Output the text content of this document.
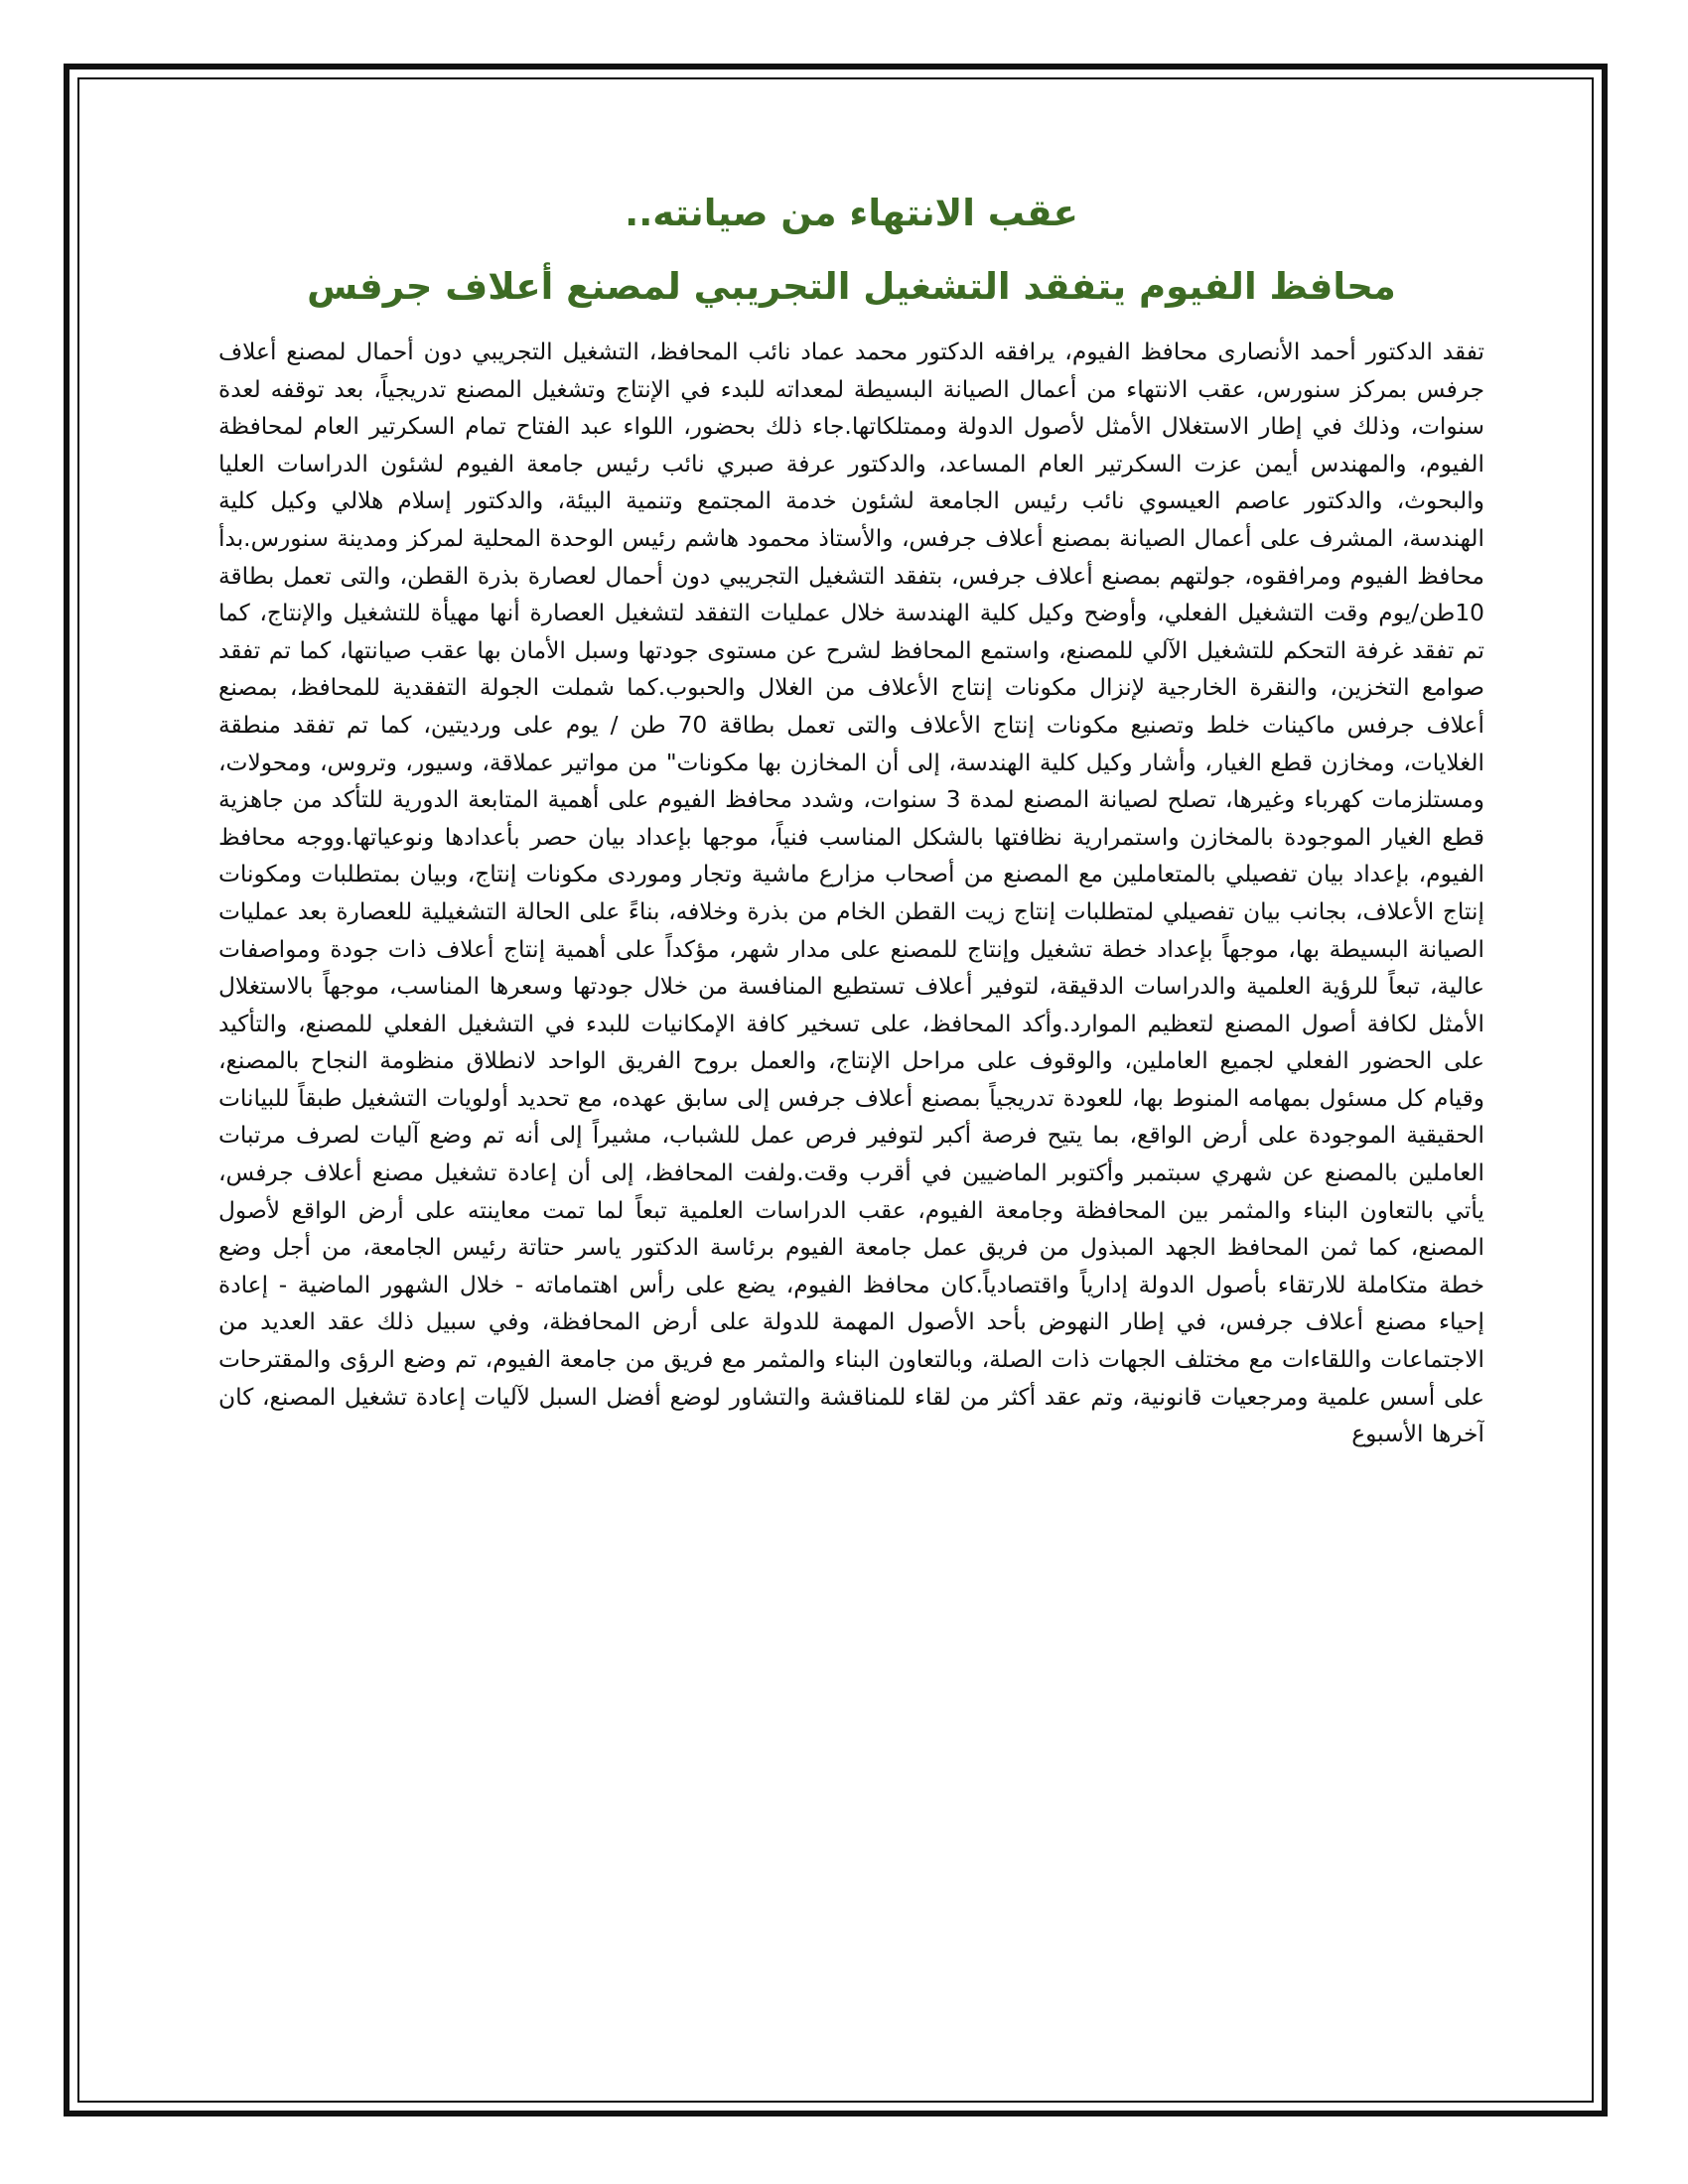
عقب الانتهاء من صيانته..
محافظ الفيوم يتفقد التشغيل التجريبي لمصنع أعلاف جرفس

تفقد الدكتور أحمد الأنصارى محافظ الفيوم، يرافقه الدكتور محمد عماد نائب المحافظ، التشغيل التجريبي دون أحمال لمصنع أعلاف جرفس بمركز سنورس، عقب الانتهاء من أعمال الصيانة البسيطة لمعداته للبدء في الإنتاج وتشغيل المصنع تدريجياً، بعد توقفه لعدة سنوات، وذلك في إطار الاستغلال الأمثل لأصول الدولة وممتلكاتها.جاء ذلك بحضور، اللواء عبد الفتاح تمام السكرتير العام لمحافظة الفيوم، والمهندس أيمن عزت السكرتير العام المساعد، والدكتور عرفة صبري نائب رئيس جامعة الفيوم لشئون الدراسات العليا والبحوث، والدكتور عاصم العيسوي نائب رئيس الجامعة لشئون خدمة المجتمع وتنمية البيئة، والدكتور إسلام هلالي وكيل كلية الهندسة، المشرف على أعمال الصيانة بمصنع أعلاف جرفس، والأستاذ محمود هاشم رئيس الوحدة المحلية لمركز ومدينة سنورس.بدأ محافظ الفيوم ومرافقوه، جولتهم بمصنع أعلاف جرفس، بتفقد التشغيل التجريبي دون أحمال لعصارة بذرة القطن، والتى تعمل بطاقة 10طن/يوم وقت التشغيل الفعلي، وأوضح وكيل كلية الهندسة خلال عمليات التفقد لتشغيل العصارة أنها مهيأة للتشغيل والإنتاج، كما تم تفقد غرفة التحكم للتشغيل الآلي للمصنع، واستمع المحافظ لشرح عن مستوى جودتها وسبل الأمان بها عقب صيانتها، كما تم تفقد صوامع التخزين، والنقرة الخارجية لإنزال مكونات إنتاج الأعلاف من الغلال والحبوب.كما شملت الجولة التفقدية للمحافظ، بمصنع أعلاف جرفس ماكينات خلط وتصنيع مكونات إنتاج الأعلاف والتى تعمل بطاقة 70 طن / يوم على ورديتين، كما تم تفقد منطقة الغلايات، ومخازن قطع الغيار، وأشار وكيل كلية الهندسة، إلى أن المخازن بها مكونات" من مواتير عملاقة، وسيور، وتروس، ومحولات، ومستلزمات كهرباء وغيرها، تصلح لصيانة المصنع لمدة 3 سنوات، وشدد محافظ الفيوم على أهمية المتابعة الدورية للتأكد من جاهزية قطع الغيار الموجودة بالمخازن واستمرارية نظافتها بالشكل المناسب فنياً، موجها بإعداد بيان حصر بأعدادها ونوعياتها.ووجه محافظ الفيوم، بإعداد بيان تفصيلي بالمتعاملين مع المصنع من أصحاب مزارع ماشية وتجار وموردى مكونات إنتاج، وبيان بمتطلبات ومكونات إنتاج الأعلاف، بجانب بيان تفصيلي لمتطلبات إنتاج زيت القطن الخام من بذرة وخلافه، بناءً على الحالة التشغيلية للعصارة بعد عمليات الصيانة البسيطة بها، موجهاً بإعداد خطة تشغيل وإنتاج للمصنع على مدار شهر، مؤكداً على أهمية إنتاج أعلاف ذات جودة ومواصفات عالية، تبعاً للرؤية العلمية والدراسات الدقيقة، لتوفير أعلاف تستطيع المنافسة من خلال جودتها وسعرها المناسب، موجهاً بالاستغلال الأمثل لكافة أصول المصنع لتعظيم الموارد.وأكد المحافظ، على تسخير كافة الإمكانيات للبدء في التشغيل الفعلي للمصنع، والتأكيد على الحضور الفعلي لجميع العاملين، والوقوف على مراحل الإنتاج، والعمل بروح الفريق الواحد لانطلاق منظومة النجاح بالمصنع، وقيام كل مسئول بمهامه المنوط بها، للعودة تدريجياً بمصنع أعلاف جرفس إلى سابق عهده، مع تحديد أولويات التشغيل طبقاً للبيانات الحقيقية الموجودة على أرض الواقع، بما يتيح فرصة أكبر لتوفير فرص عمل للشباب، مشيراً إلى أنه تم وضع آليات لصرف مرتبات العاملين بالمصنع عن شهري سبتمبر وأكتوبر الماضيين في أقرب وقت.ولفت المحافظ، إلى أن إعادة تشغيل مصنع أعلاف جرفس، يأتي بالتعاون البناء والمثمر بين المحافظة وجامعة الفيوم، عقب الدراسات العلمية تبعاً لما تمت معاينته على أرض الواقع لأصول المصنع، كما ثمن المحافظ الجهد المبذول من فريق عمل جامعة الفيوم برئاسة الدكتور ياسر حتاتة رئيس الجامعة، من أجل وضع خطة متكاملة للارتقاء بأصول الدولة إدارياً واقتصادياً.كان محافظ الفيوم، يضع على رأس اهتماماته - خلال الشهور الماضية - إعادة إحياء مصنع أعلاف جرفس، في إطار النهوض بأحد الأصول المهمة للدولة على أرض المحافظة، وفي سبيل ذلك عقد العديد من الاجتماعات واللقاءات مع مختلف الجهات ذات الصلة، وبالتعاون البناء والمثمر مع فريق من جامعة الفيوم، تم وضع الرؤى والمقترحات على أسس علمية ومرجعيات قانونية، وتم عقد أكثر من لقاء للمناقشة والتشاور لوضع أفضل السبل لآليات إعادة تشغيل المصنع، كان آخرها الأسبوع
